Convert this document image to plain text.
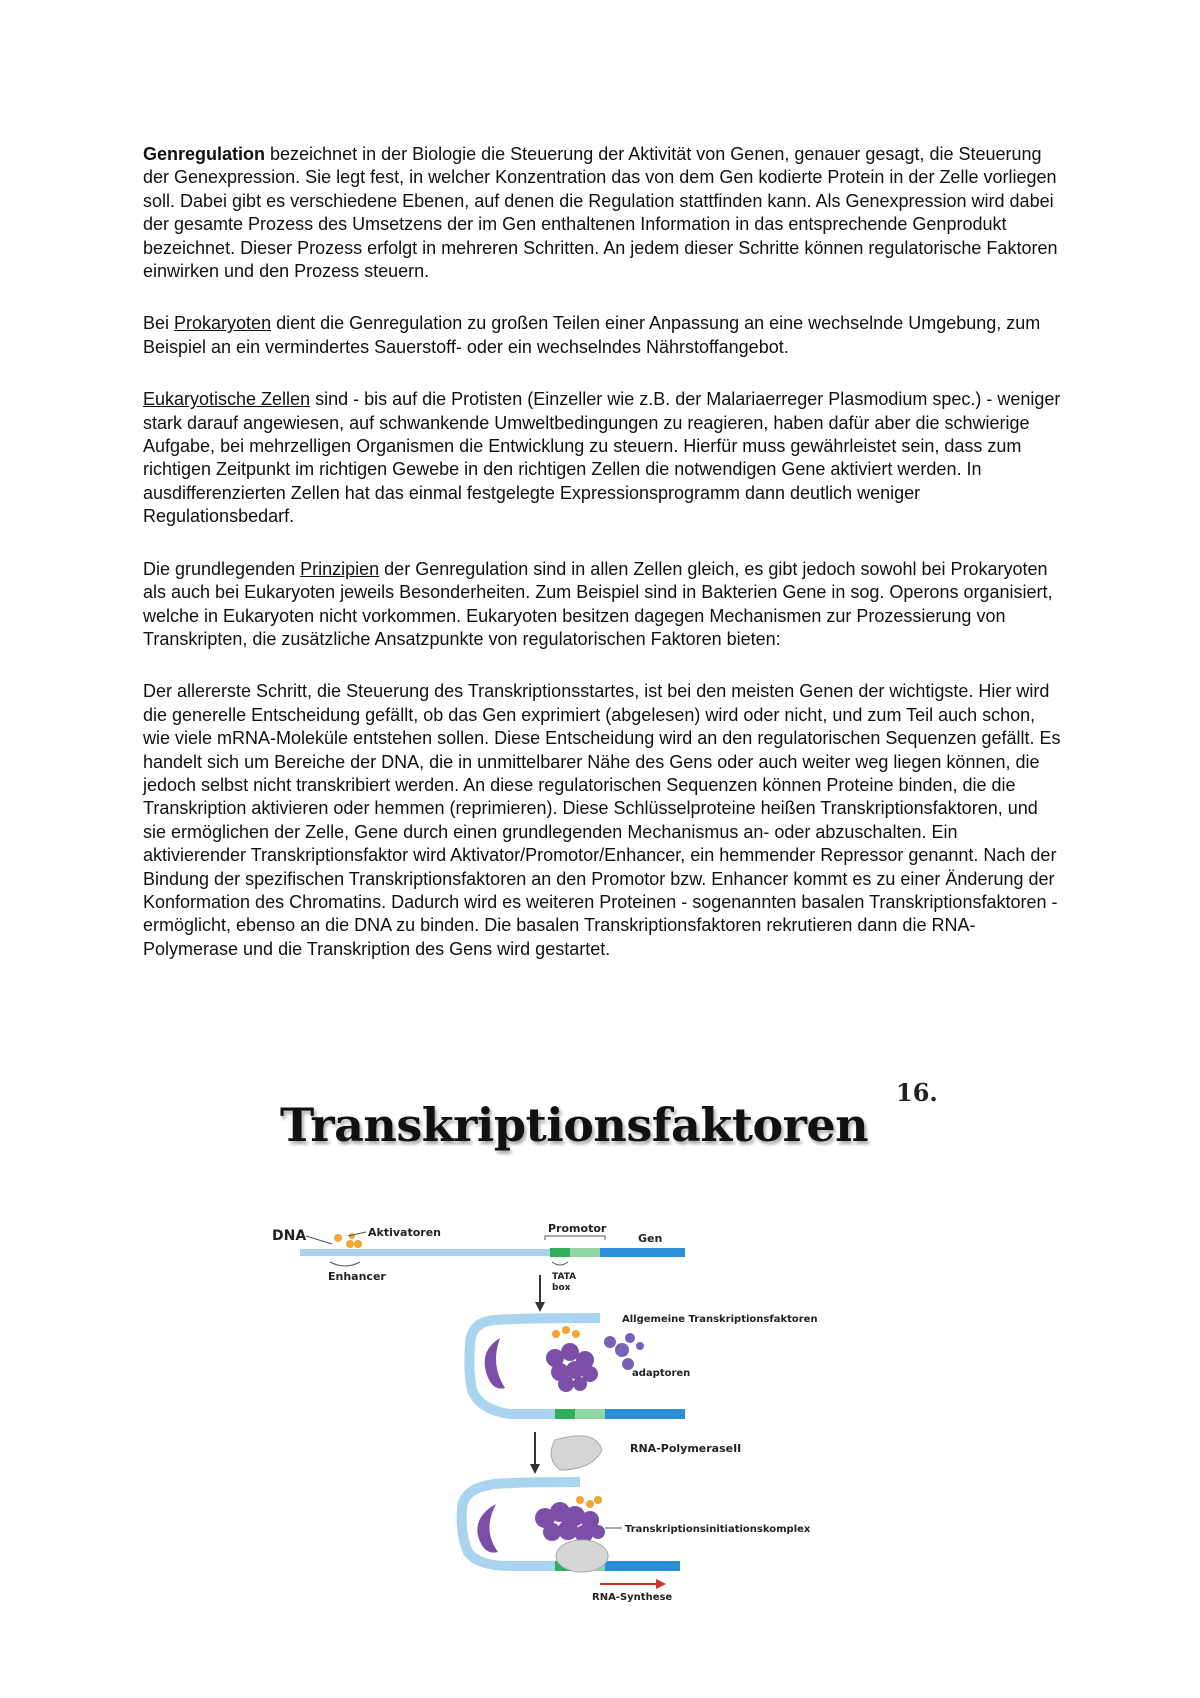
Genregulation bezeichnet in der Biologie die Steuerung der Aktivität von Genen, genauer gesagt, die Steuerung der Genexpression. Sie legt fest, in welcher Konzentration das von dem Gen kodierte Protein in der Zelle vorliegen soll. Dabei gibt es verschiedene Ebenen, auf denen die Regulation stattfinden kann. Als Genexpression wird dabei der gesamte Prozess des Umsetzens der im Gen enthaltenen Information in das entsprechende Genprodukt bezeichnet. Dieser Prozess erfolgt in mehreren Schritten. An jedem dieser Schritte können regulatorische Faktoren einwirken und den Prozess steuern.

Bei Prokaryoten dient die Genregulation zu großen Teilen einer Anpassung an eine wechselnde Umgebung, zum Beispiel an ein vermindertes Sauerstoff- oder ein wechselndes Nährstoffangebot.

Eukaryotische Zellen sind - bis auf die Protisten (Einzeller wie z.B. der Malariaerreger Plasmodium spec.) - weniger stark darauf angewiesen, auf schwankende Umweltbedingungen zu reagieren, haben dafür aber die schwierige Aufgabe, bei mehrzelligen Organismen die Entwicklung zu steuern. Hierfür muss gewährleistet sein, dass zum richtigen Zeitpunkt im richtigen Gewebe in den richtigen Zellen die notwendigen Gene aktiviert werden. In ausdifferenzierten Zellen hat das einmal festgelegte Expressionsprogramm dann deutlich weniger Regulationsbedarf.

Die grundlegenden Prinzipien der Genregulation sind in allen Zellen gleich, es gibt jedoch sowohl bei Prokaryoten als auch bei Eukaryoten jeweils Besonderheiten. Zum Beispiel sind in Bakterien Gene in sog. Operons organisiert, welche in Eukaryoten nicht vorkommen. Eukaryoten besitzen dagegen Mechanismen zur Prozessierung von Transkripten, die zusätzliche Ansatzpunkte von regulatorischen Faktoren bieten:

Der allererste Schritt, die Steuerung des Transkriptionsstartes, ist bei den meisten Genen der wichtigste. Hier wird die generelle Entscheidung gefällt, ob das Gen exprimiert (abgelesen) wird oder nicht, und zum Teil auch schon, wie viele mRNA-Moleküle entstehen sollen. Diese Entscheidung wird an den regulatorischen Sequenzen gefällt. Es handelt sich um Bereiche der DNA, die in unmittelbarer Nähe des Gens oder auch weiter weg liegen können, die jedoch selbst nicht transkribiert werden. An diese regulatorischen Sequenzen können Proteine binden, die die Transkription aktivieren oder hemmen (reprimieren). Diese Schlüsselproteine heißen Transkriptionsfaktoren, und sie ermöglichen der Zelle, Gene durch einen grundlegenden Mechanismus an- oder abzuschalten. Ein aktivierender Transkriptionsfaktor wird Aktivator/Promotor/Enhancer, ein hemmender Repressor genannt. Nach der Bindung der spezifischen Transkriptionsfaktoren an den Promotor bzw. Enhancer kommt es zu einer Änderung der Konformation des Chromatins. Dadurch wird es weiteren Proteinen - sogenannten basalen Transkriptionsfaktoren - ermöglicht, ebenso an die DNA zu binden. Die basalen Transkriptionsfaktoren rekrutieren dann die RNA-Polymerase und die Transkription des Gens wird gestartet.

16.
Transkriptionsfaktoren
DNA	Aktivatoren
Enhancer
Promotor
Gen
TATA
box
Allgemeine Transkriptionsfaktoren
adaptoren
RNA-PolymeraseII
Transkriptionsinitiationskomplex
RNA-Synthese
